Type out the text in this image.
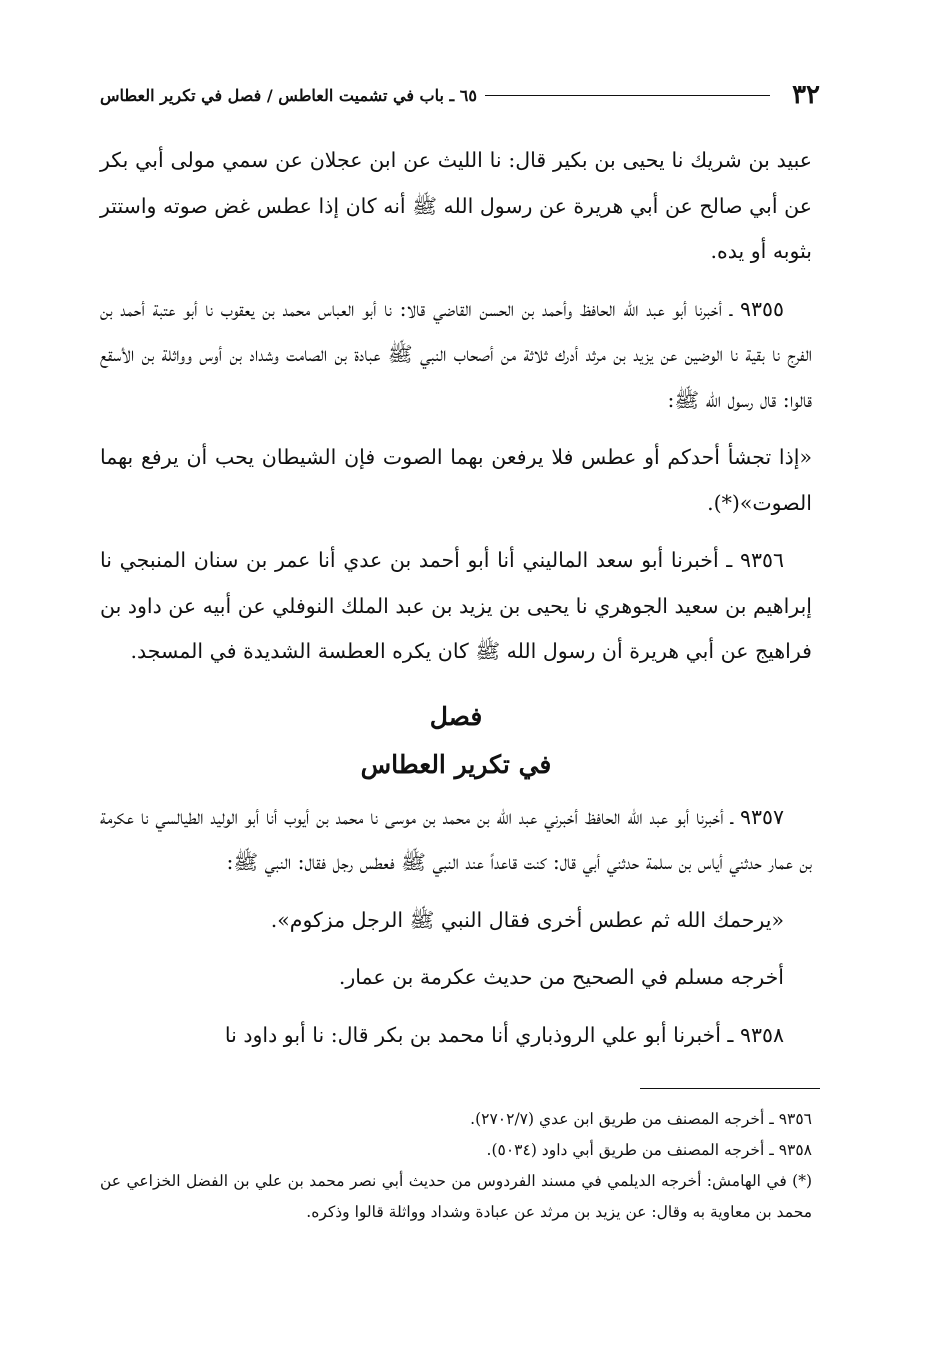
٣٢
٦٥ ـ باب في تشميت العاطس / فصل في تكرير العطاس

عبيد بن شريك نا يحيى بن بكير قال: نا الليث عن ابن عجلان عن سمي مولى أبي بكر عن أبي صالح عن أبي هريرة عن رسول الله ﷺ أنه كان إذا عطس غض صوته واستتر بثوبه أو يده.

٩٣٥٥ ـ أخبرنا أبو عبد الله الحافظ وأحمد بن الحسن القاضي قالا: نا أبو العباس محمد بن يعقوب نا أبو عتبة أحمد بن الفرج نا بقية نا الوضين عن يزيد بن مرثد أدرك ثلاثة من أصحاب النبي ﷺ عبادة بن الصامت وشداد بن أوس وواثلة بن الأسقع قالوا: قال رسول الله ﷺ:

«إذا تجشأ أحدكم أو عطس فلا يرفعن بهما الصوت فإن الشيطان يحب أن يرفع بهما الصوت»(*).

٩٣٥٦ ـ أخبرنا أبو سعد الماليني أنا أبو أحمد بن عدي أنا عمر بن سنان المنبجي نا إبراهيم بن سعيد الجوهري نا يحيى بن يزيد بن عبد الملك النوفلي عن أبيه عن داود بن فراهيج عن أبي هريرة أن رسول الله ﷺ كان يكره العطسة الشديدة في المسجد.

فصل

في تكرير العطاس

٩٣٥٧ ـ أخبرنا أبو عبد الله الحافظ أخبرني عبد الله بن محمد بن موسى نا محمد بن أيوب أنا أبو الوليد الطيالسي نا عكرمة بن عمار حدثني أياس بن سلمة حدثني أبي قال: كنت قاعداً عند النبي ﷺ فعطس رجل فقال: النبي ﷺ:

«يرحمك الله ثم عطس أخرى فقال النبي ﷺ الرجل مزكوم».

أخرجه مسلم في الصحيح من حديث عكرمة بن عمار.

٩٣٥٨ ـ أخبرنا أبو علي الروذباري أنا محمد بن بكر قال: نا أبو داود نا

٩٣٥٦ ـ أخرجه المصنف من طريق ابن عدي (٢٧٠٢/٧).

٩٣٥٨ ـ أخرجه المصنف من طريق أبي داود (٥٠٣٤).

(*) في الهامش: أخرجه الديلمي في مسند الفردوس من حديث أبي نصر محمد بن علي بن الفضل الخزاعي عن محمد بن معاوية به وقال: عن يزيد بن مرثد عن عبادة وشداد وواثلة قالوا وذكره.
